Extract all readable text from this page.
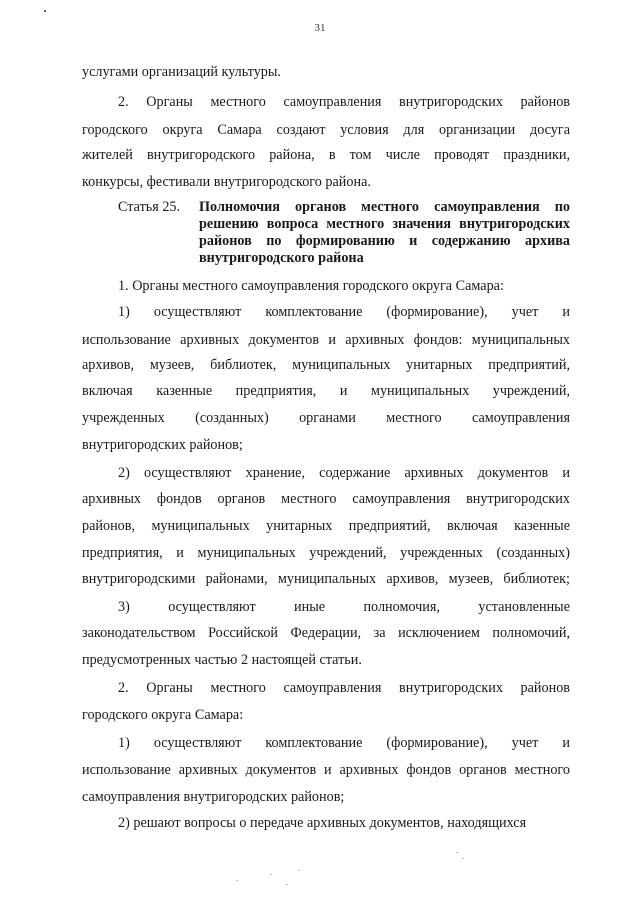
31
услугами организаций культуры.
2. Органы местного самоуправления внутригородских районов
городского округа Самара создают условия для организации досуга
жителей внутригородского района, в том числе проводят праздники,
конкурсы, фестивали внутригородского района.
Статья 25.	Полномочия органов местного самоуправления по
решению вопроса местного значения внутригородских
районов по формированию и содержанию архива
внутригородского района
1. Органы местного самоуправления городского округа Самара:
1) осуществляют комплектование (формирование), учет и
использование архивных документов и архивных фондов: муниципальных
архивов, музеев, библиотек, муниципальных унитарных предприятий,
включая казенные предприятия, и муниципальных учреждений,
учрежденных (созданных) органами местного самоуправления
внутригородских районов;
2) осуществляют хранение, содержание архивных документов и
архивных фондов органов местного самоуправления внутригородских
районов, муниципальных унитарных предприятий, включая казенные
предприятия, и муниципальных учреждений, учрежденных (созданных)
внутригородскими районами, муниципальных архивов, музеев, библиотек;
3) осуществляют иные полномочия, установленные
законодательством Российской Федерации, за исключением полномочий,
предусмотренных частью 2 настоящей статьи.
2. Органы местного самоуправления внутригородских районов
городского округа Самара:
1) осуществляют комплектование (формирование), учет и
использование архивных документов и архивных фондов органов местного
самоуправления внутригородских районов;
2) решают вопросы о передаче архивных документов, находящихся
